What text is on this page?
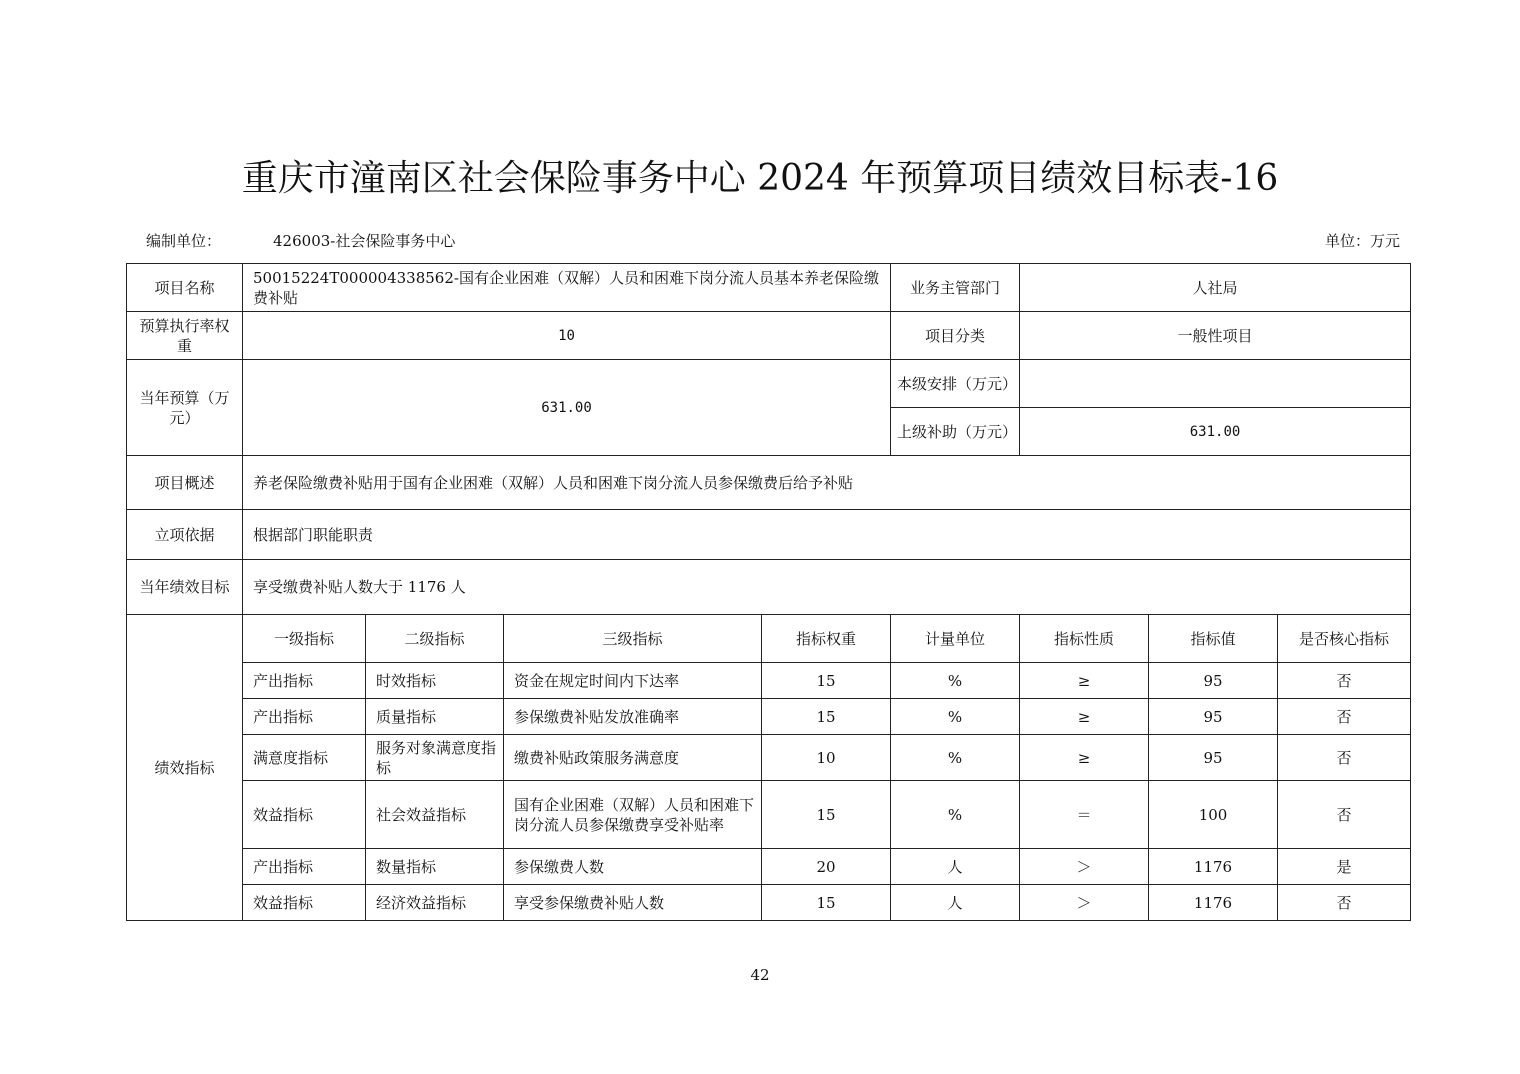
重庆市潼南区社会保险事务中心 2024 年预算项目绩效目标表-16
编制单位：	426003-社会保险事务中心	单位：万元
项目名称	50015224T000004338562-国有企业困难（双解）人员和困难下岗分流人员基本养老保险缴费补贴				业务主管部门	人社局		
预算执行率权重	10				项目分类	一般性项目		
当年预算（万元）	631.00				本级安排（万元）			
					上级补助（万元）	631.00		
项目概述	养老保险缴费补贴用于国有企业困难（双解）人员和困难下岗分流人员参保缴费后给予补贴							
立项依据	根据部门职能职责							
当年绩效目标	享受缴费补贴人数大于 1176 人							
绩效指标	一级指标	二级指标	三级指标	指标权重	计量单位	指标性质	指标值	是否核心指标
	产出指标	时效指标	资金在规定时间内下达率	15	%	≥	95	否
	产出指标	质量指标	参保缴费补贴发放准确率	15	%	≥	95	否
	满意度指标	服务对象满意度指标	缴费补贴政策服务满意度	10	%	≥	95	否
	效益指标	社会效益指标	国有企业困难（双解）人员和困难下岗分流人员参保缴费享受补贴率	15	%	＝	100	否
	产出指标	数量指标	参保缴费人数	20	人	＞	1176	是
	效益指标	经济效益指标	享受参保缴费补贴人数	15	人	＞	1176	否
42
